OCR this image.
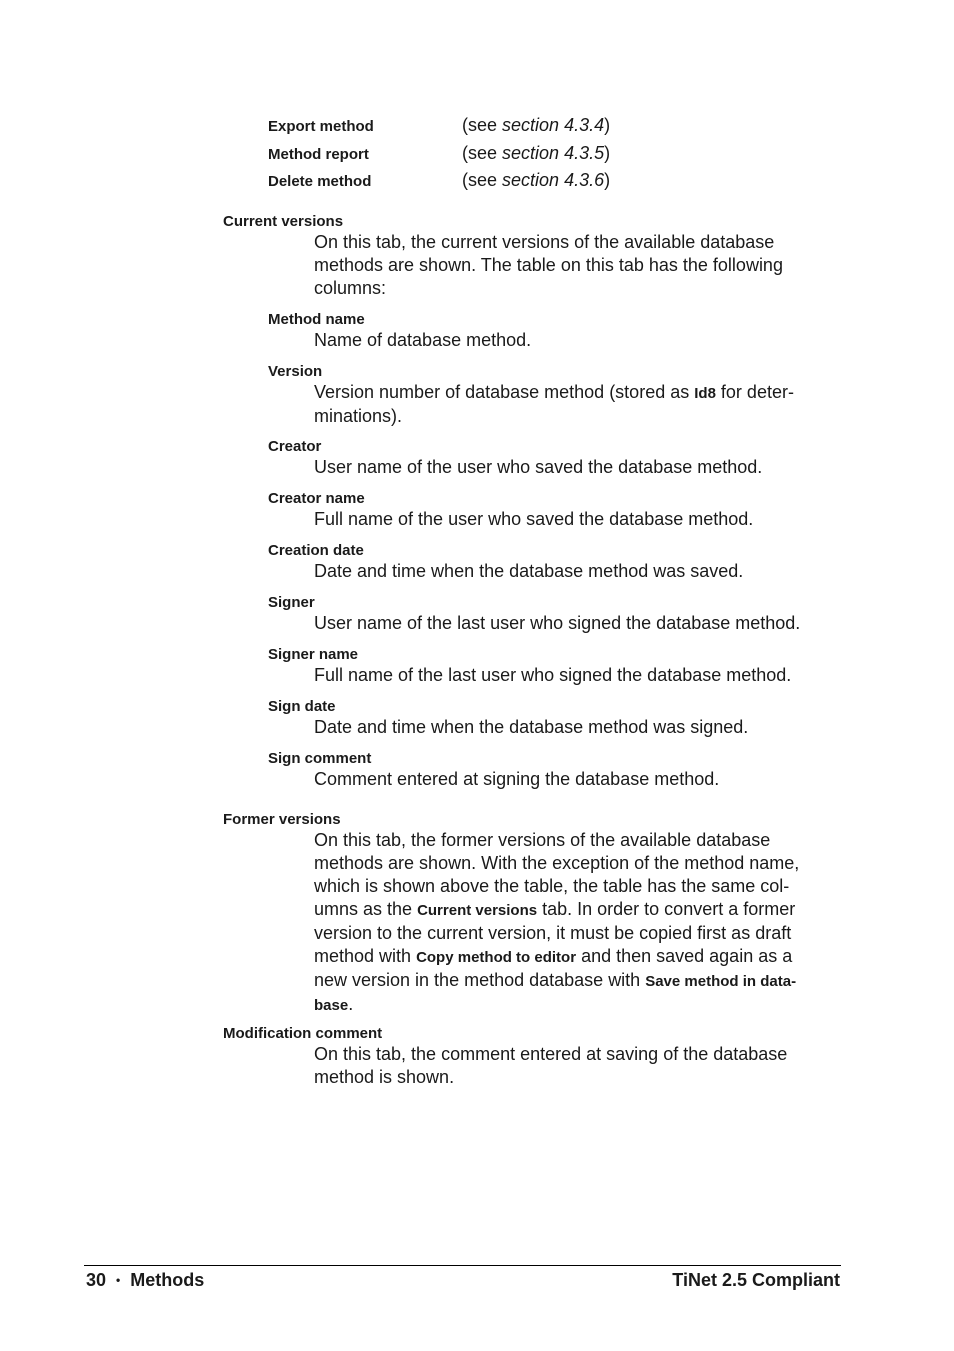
Export method	(see section 4.3.4)
Method report	(see section 4.3.5)
Delete method	(see section 4.3.6)
Current versions
On this tab, the current versions of the available database methods are shown. The table on this tab has the following columns:
Method name
Name of database method.
Version
Version number of database method (stored as Id8 for deter-minations).
Creator
User name of the user who saved the database method.
Creator name
Full name of the user who saved the database method.
Creation date
Date and time when the database method was saved.
Signer
User name of the last user who signed the database method.
Signer name
Full name of the last user who signed the database method.
Sign date
Date and time when the database method was signed.
Sign comment
Comment entered at signing the database method.
Former versions
On this tab, the former versions of the available database methods are shown. With the exception of the method name, which is shown above the table, the table has the same col-umns as the Current versions tab. In order to convert a former version to the current version, it must be copied first as draft method with Copy method to editor and then saved again as a new version in the method database with Save method in data-base.
Modification comment
On this tab, the comment entered at saving of the database method is shown.
30 • Methods	TiNet 2.5 Compliant
